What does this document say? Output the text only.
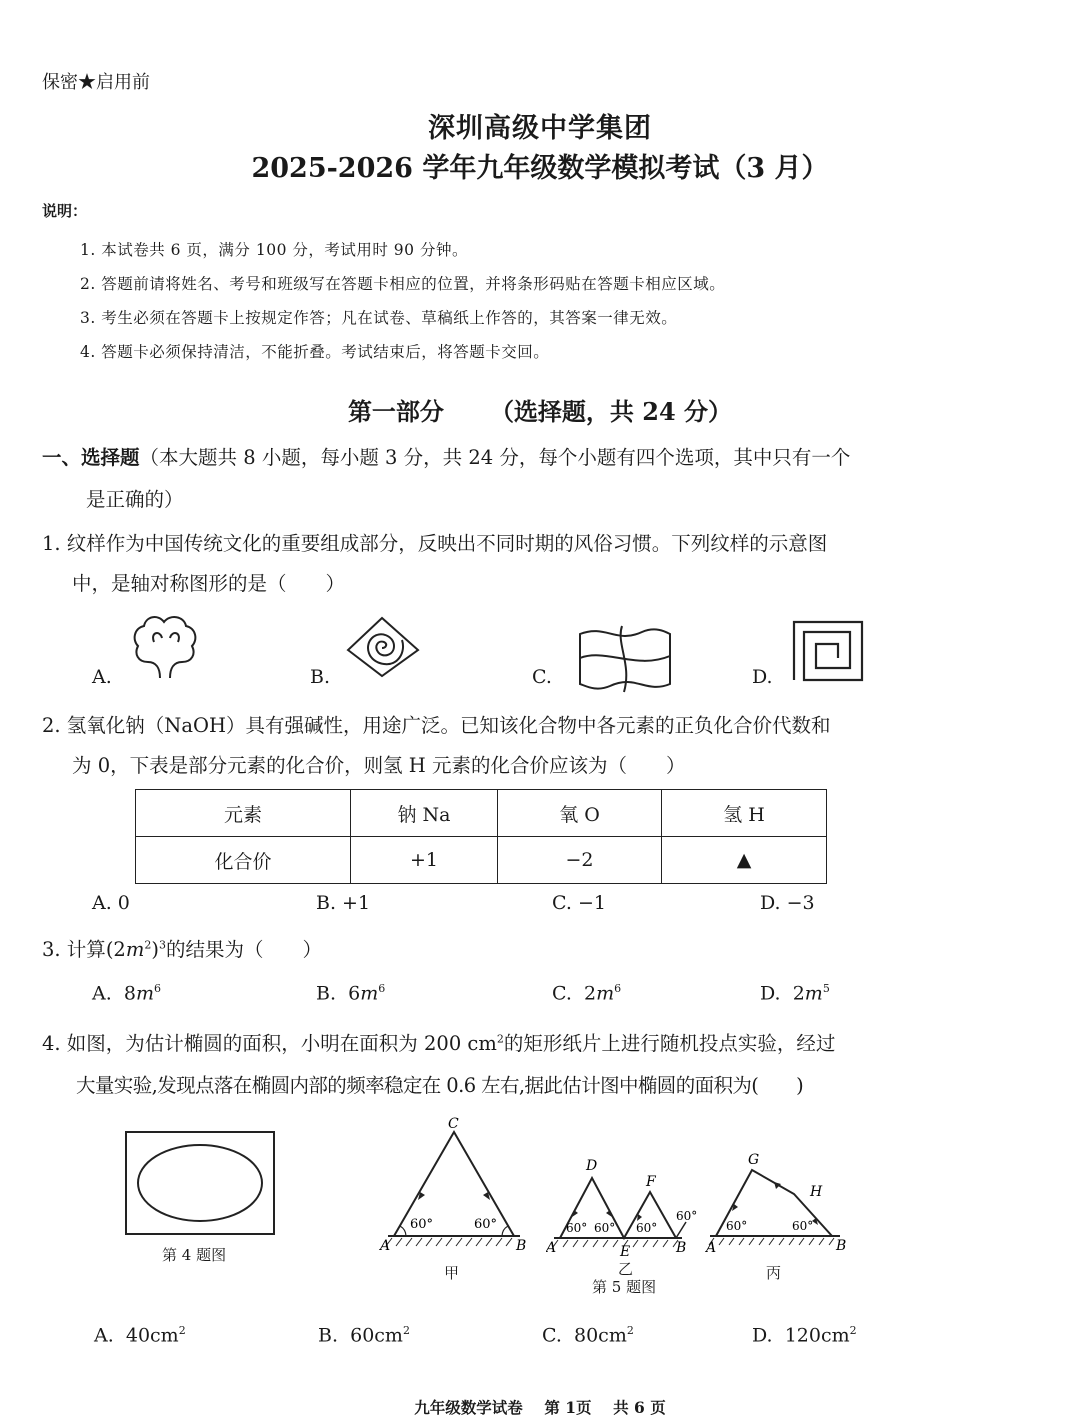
保密★启用前
深圳高级中学集团
2025-2026 学年九年级数学模拟考试（3 月）
说明：
1. 本试卷共 6 页，满分 100 分，考试用时 90 分钟。
2. 答题前请将姓名、考号和班级写在答题卡相应的位置，并将条形码贴在答题卡相应区域。
3. 考生必须在答题卡上按规定作答；凡在试卷、草稿纸上作答的，其答案一律无效。
4. 答题卡必须保持清洁，不能折叠。考试结束后，将答题卡交回。
第一部分 （选择题，共 24 分）
一、选择题（本大题共 8 小题，每小题 3 分，共 24 分，每个小题有四个选项，其中只有一个
是正确的）
1. 纹样作为中国传统文化的重要组成部分，反映出不同时期的风俗习惯。下列纹样的示意图
中，是轴对称图形的是（　　）
A.	B.	C.	D.
2. 氢氧化钠（NaOH）具有强碱性，用途广泛。已知该化合物中各元素的正负化合价代数和
为 0，下表是部分元素的化合价，则氢 H 元素的化合价应该为（　　）
元素	钠 Na	氧 O	氢 H
化合价	+1	−2	▲
A. 0	B. +1	C. −1	D. −3
3. 计算$(2m^2)^3$的结果为（　　）
A. $8m^6$	B. $6m^6$	C. $2m^6$	D. $2m^5$
4. 如图，为估计椭圆的面积，小明在面积为 200 $cm^2$的矩形纸片上进行随机投点实验，经过
大量实验,发现点落在椭圆内部的频率稳定在 0.6 左右,据此估计图中椭圆的面积为(　　)
第 4 题图
60°	60°
C
A	B
甲
60° 60° 60°
60°
D
F
A	E	B
乙
第 5 题图
60°	60°
G
H
A	B
丙
A. $40cm^2$	B. $60cm^2$	C. $80cm^2$	D. $120cm^2$
九年级数学试卷 第 1页 共 6 页
